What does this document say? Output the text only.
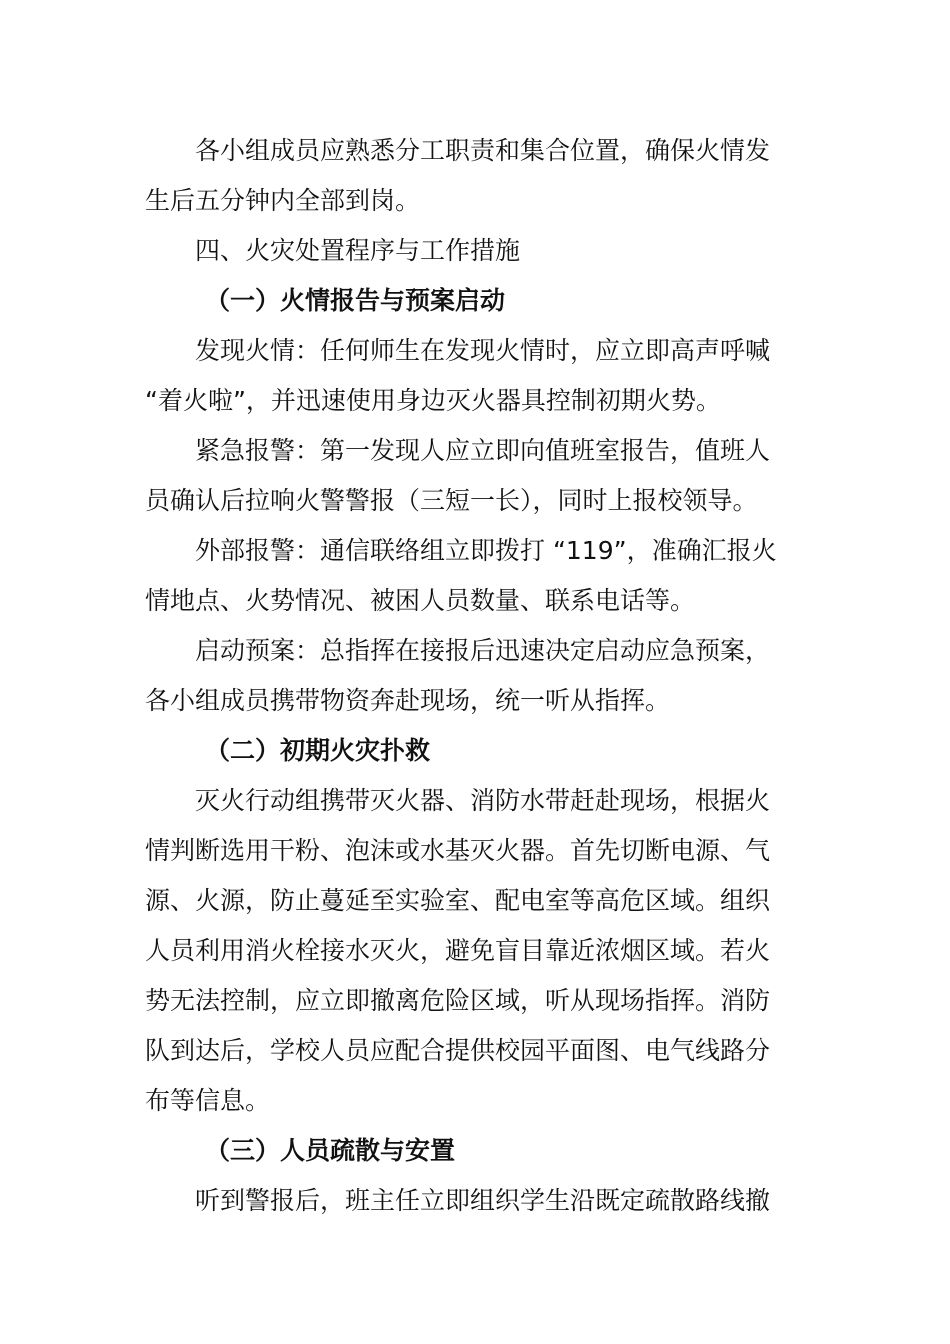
各小组成员应熟悉分工职责和集合位置，确保火情发
生后五分钟内全部到岗。
四、火灾处置程序与工作措施
（一）火情报告与预案启动
发现火情：任何师生在发现火情时，应立即高声呼喊
“着火啦”，并迅速使用身边灭火器具控制初期火势。
紧急报警：第一发现人应立即向值班室报告，值班人
员确认后拉响火警警报（三短一长），同时上报校领导。
外部报警：通信联络组立即拨打 “119”，准确汇报火
情地点、火势情况、被困人员数量、联系电话等。
启动预案：总指挥在接报后迅速决定启动应急预案，
各小组成员携带物资奔赴现场，统一听从指挥。
（二）初期火灾扑救
灭火行动组携带灭火器、消防水带赶赴现场，根据火
情判断选用干粉、泡沫或水基灭火器。首先切断电源、气
源、火源，防止蔓延至实验室、配电室等高危区域。组织
人员利用消火栓接水灭火，避免盲目靠近浓烟区域。若火
势无法控制，应立即撤离危险区域，听从现场指挥。消防
队到达后，学校人员应配合提供校园平面图、电气线路分
布等信息。
（三）人员疏散与安置
听到警报后，班主任立即组织学生沿既定疏散路线撤
